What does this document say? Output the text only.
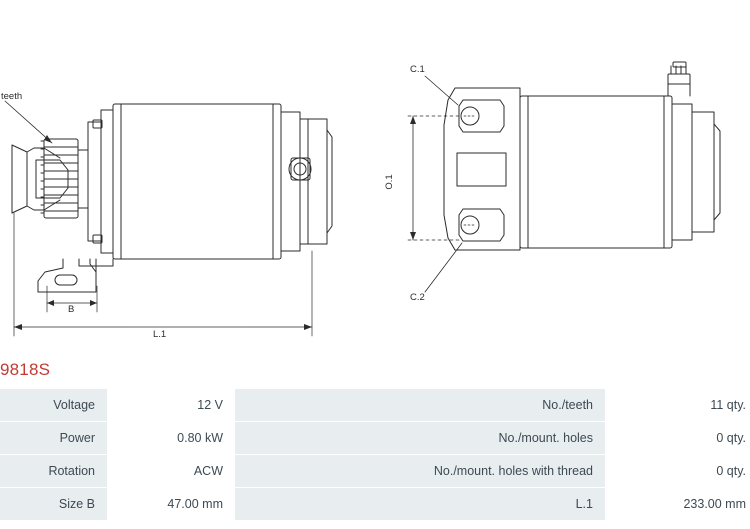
teeth
B
L.1
C.1
C.2
O.1
9818S
Voltage	12 V	No./teeth	11 qty.
Power	0.80 kW	No./mount. holes	0 qty.
Rotation	ACW	No./mount. holes with thread	0 qty.
Size B	47.00 mm	L.1	233.00 mm
